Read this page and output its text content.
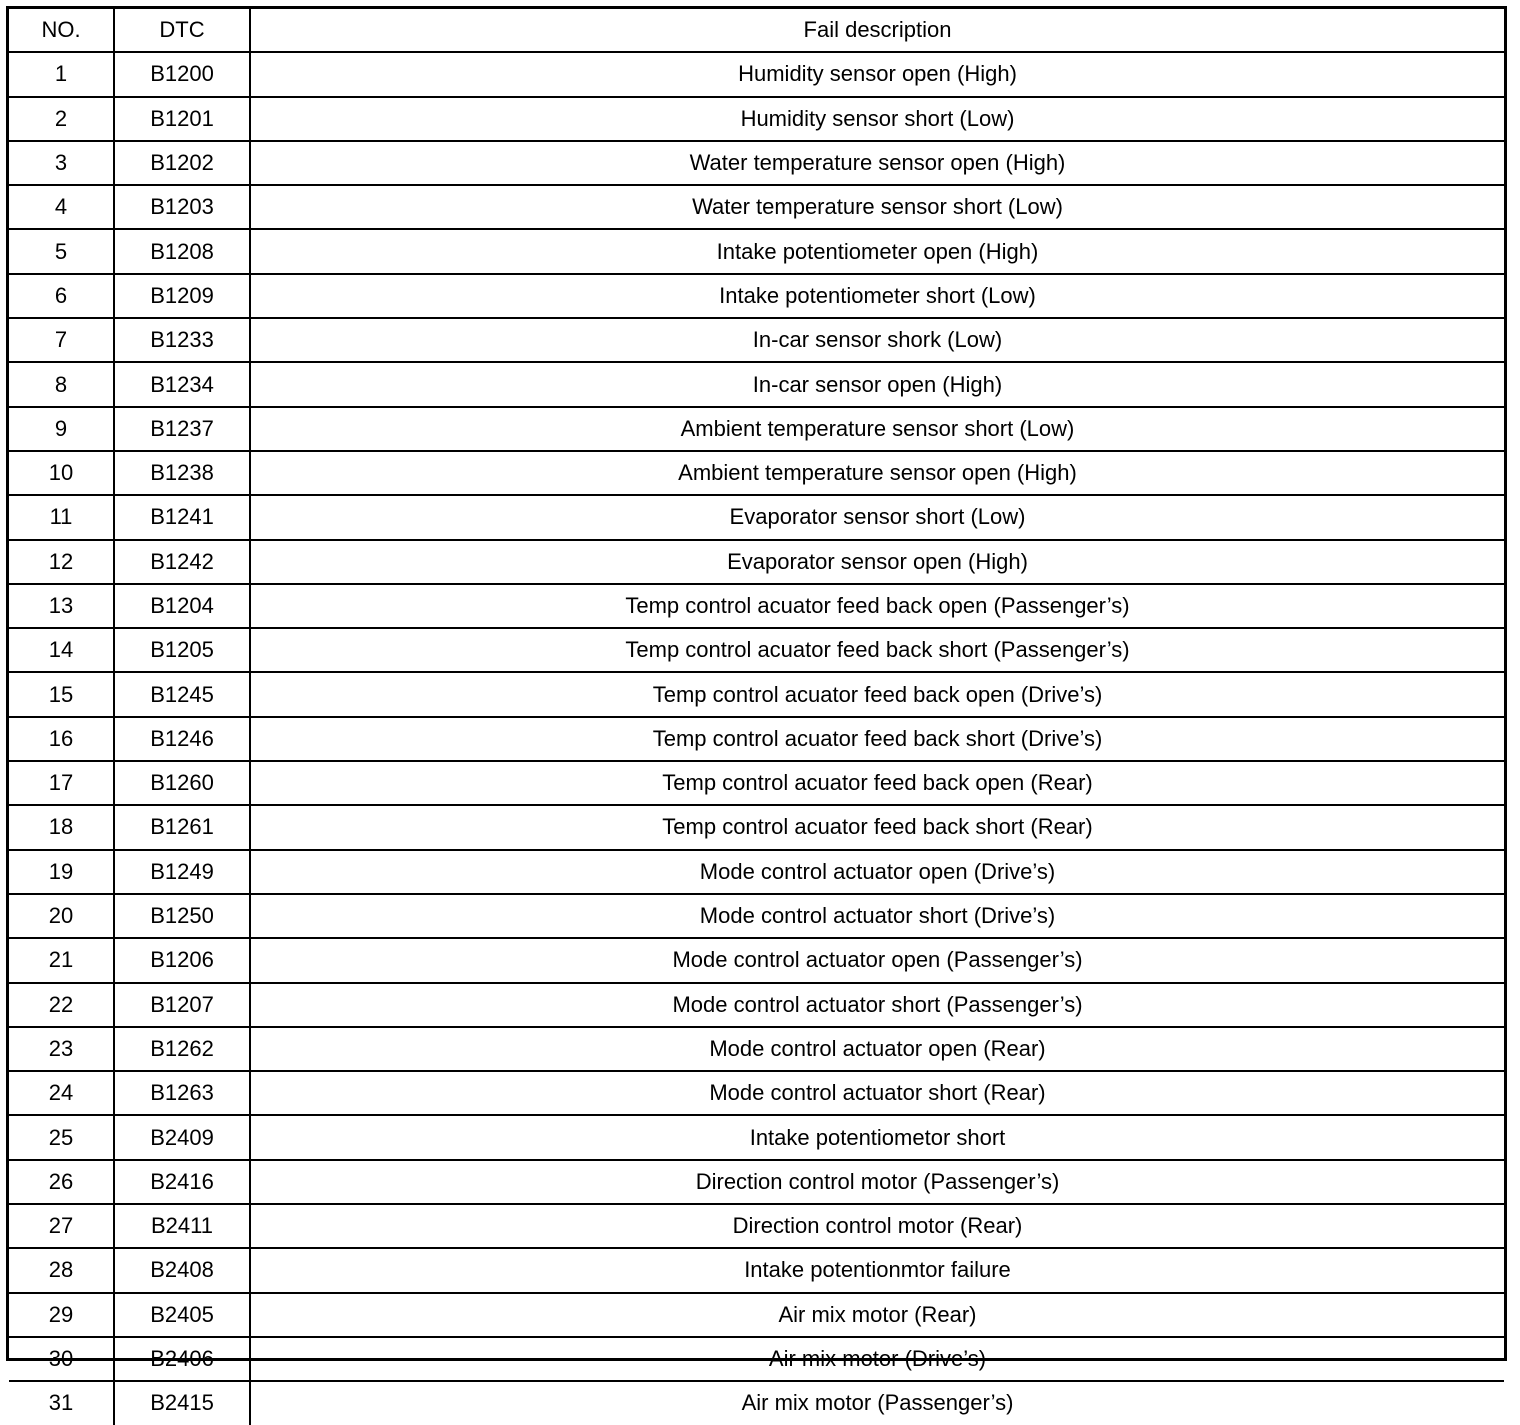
NO.	DTC	Fail description
1	B1200	Humidity sensor open (High)
2	B1201	Humidity sensor short (Low)
3	B1202	Water temperature sensor open (High)
4	B1203	Water temperature sensor short (Low)
5	B1208	Intake potentiometer open (High)
6	B1209	Intake potentiometer short (Low)
7	B1233	In-car sensor shork (Low)
8	B1234	In-car sensor open (High)
9	B1237	Ambient temperature sensor short (Low)
10	B1238	Ambient temperature sensor open (High)
11	B1241	Evaporator sensor short (Low)
12	B1242	Evaporator sensor open (High)
13	B1204	Temp control acuator feed back open (Passenger’s)
14	B1205	Temp control acuator feed back short (Passenger’s)
15	B1245	Temp control acuator feed back open (Drive’s)
16	B1246	Temp control acuator feed back short (Drive’s)
17	B1260	Temp control acuator feed back open (Rear)
18	B1261	Temp control acuator feed back short (Rear)
19	B1249	Mode control actuator open (Drive’s)
20	B1250	Mode control actuator short (Drive’s)
21	B1206	Mode control actuator open (Passenger’s)
22	B1207	Mode control actuator short (Passenger’s)
23	B1262	Mode control actuator open (Rear)
24	B1263	Mode control actuator short (Rear)
25	B2409	Intake potentiometor short
26	B2416	Direction control motor (Passenger’s)
27	B2411	Direction control motor (Rear)
28	B2408	Intake potentionmtor failure
29	B2405	Air mix motor (Rear)
30	B2406	Air mix motor (Drive’s)
31	B2415	Air mix motor (Passenger’s)
